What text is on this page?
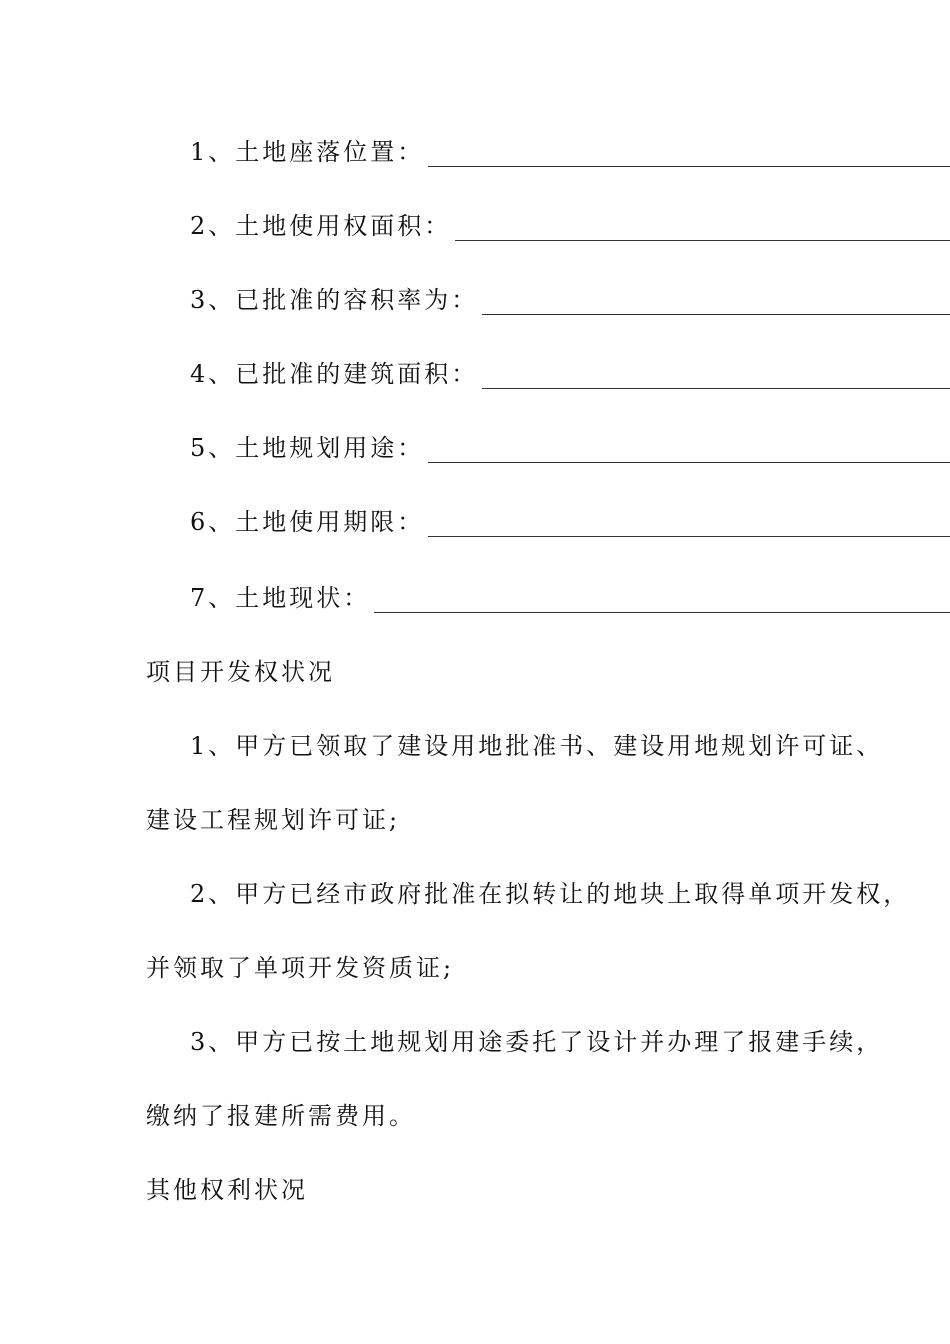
1、土地座落位置：
2、土地使用权面积：
3、已批准的容积率为：
4、已批准的建筑面积：
5、土地规划用途：
6、土地使用期限：
7、土地现状：
项目开发权状况
1、甲方已领取了建设用地批准书、建设用地规划许可证、
建设工程规划许可证;
2、甲方已经市政府批准在拟转让的地块上取得单项开发权，
并领取了单项开发资质证;
3、甲方已按土地规划用途委托了设计并办理了报建手续，
缴纳了报建所需费用。
其他权利状况
